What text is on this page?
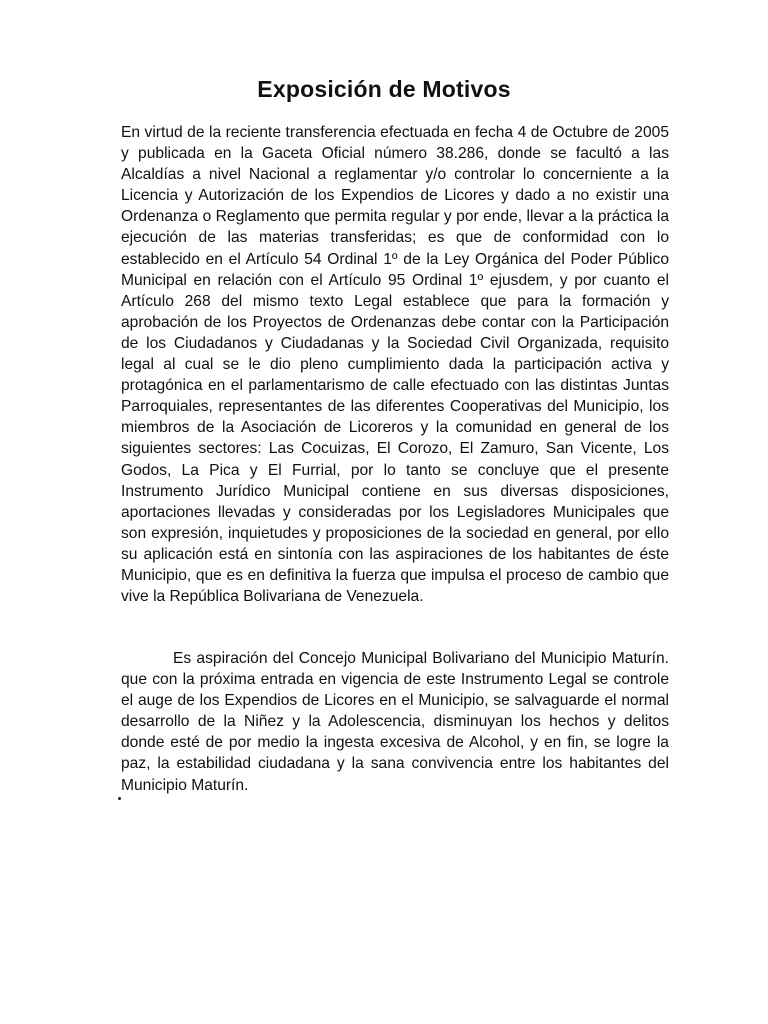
Exposición de Motivos

En virtud de la reciente transferencia efectuada en fecha 4 de Octubre de 2005 y publicada en la Gaceta Oficial número 38.286, donde se facultó a las Alcaldías a nivel Nacional a reglamentar y/o controlar lo concerniente a la Licencia y Autorización de los Expendios de Licores y dado a no existir una Ordenanza o Reglamento que permita regular y por ende, llevar a la práctica la ejecución de las materias transferidas; es que de conformidad con lo establecido en el Artículo 54 Ordinal 1º de la Ley Orgánica del Poder Público Municipal en relación con el Artículo 95 Ordinal 1º ejusdem, y por cuanto el Artículo 268 del mismo texto Legal establece que para la formación y aprobación de los Proyectos de Ordenanzas debe contar con la Participación de los Ciudadanos y Ciudadanas y la Sociedad Civil Organizada, requisito legal al cual se le dio pleno cumplimiento dada la participación activa y protagónica en el parlamentarismo de calle efectuado con las distintas Juntas Parroquiales, representantes de las diferentes Cooperativas del Municipio, los miembros de la Asociación de Licoreros y la comunidad en general de los siguientes sectores: Las Cocuizas, El Corozo, El Zamuro, San Vicente, Los Godos, La Pica y El Furrial, por lo tanto se concluye que el presente Instrumento Jurídico Municipal contiene en sus diversas disposiciones, aportaciones llevadas y consideradas por los Legisladores Municipales que son expresión, inquietudes y proposiciones de la sociedad en general, por ello su aplicación está en sintonía con las aspiraciones de los habitantes de éste Municipio, que es en definitiva la fuerza que impulsa el proceso de cambio que vive la República Bolivariana de Venezuela.

Es aspiración del Concejo Municipal Bolivariano del Municipio Maturín. que con la próxima entrada en vigencia de este Instrumento Legal se controle el auge de los Expendios de Licores en el Municipio, se salvaguarde el normal desarrollo de la Niñez y la Adolescencia, disminuyan los hechos y delitos donde esté de por medio la ingesta excesiva de Alcohol, y en fin, se logre la paz, la estabilidad ciudadana y la sana convivencia entre los habitantes del Municipio Maturín.
